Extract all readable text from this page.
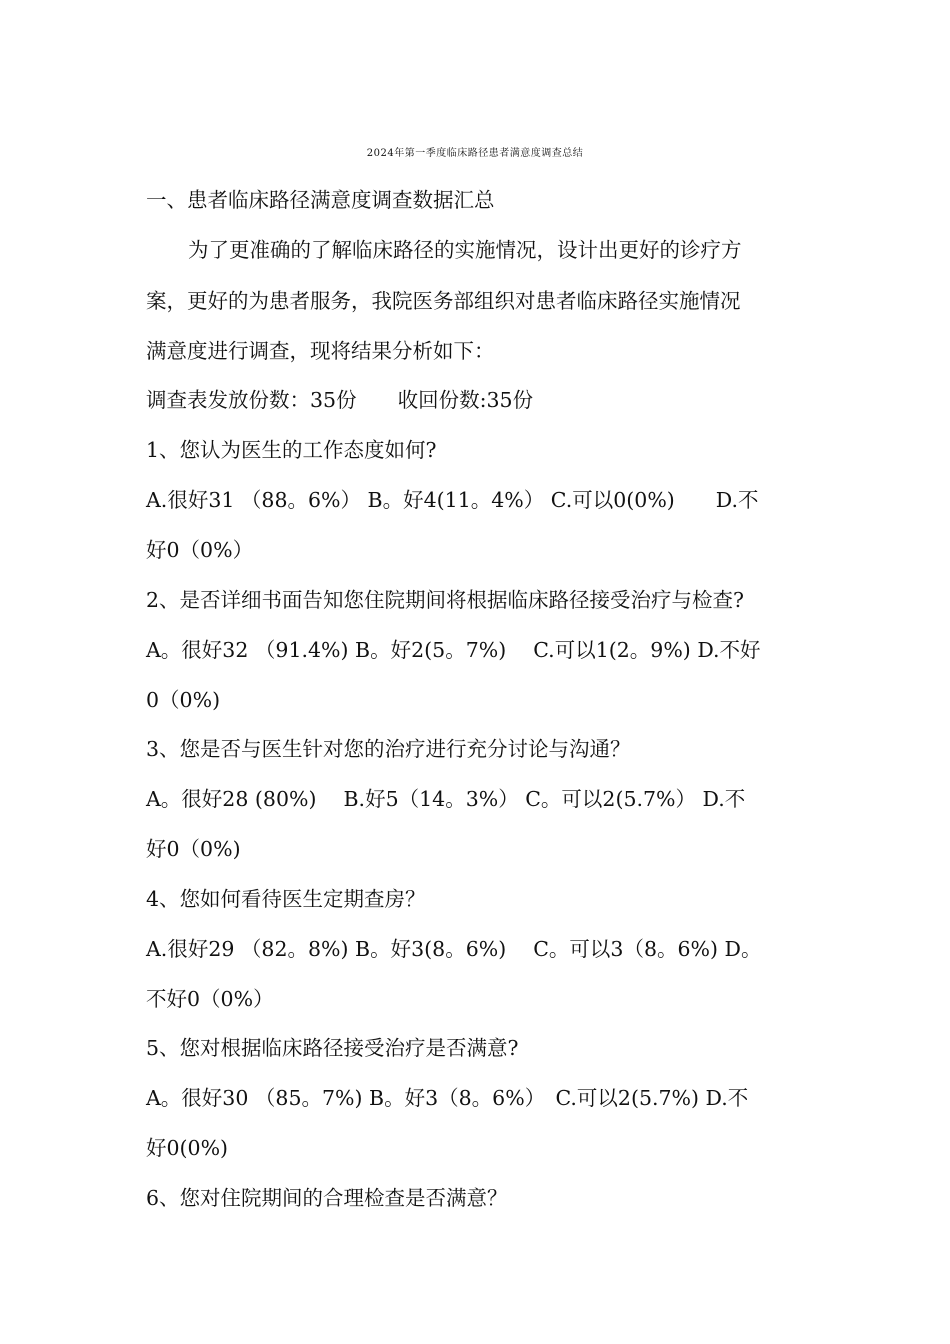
2024年第一季度临床路径患者满意度调查总结
一、患者临床路径满意度调查数据汇总
为了更准确的了解临床路径的实施情况，设计出更好的诊疗方
案，更好的为患者服务，我院医务部组织对患者临床路径实施情况
满意度进行调查，现将结果分析如下：
调查表发放份数：35份　　收回份数:35份
1、您认为医生的工作态度如何?
A.很好31 （88。6%） B。好4(11。4%） C.可以0(0%)　　D.不
好0（0%）
2、是否详细书面告知您住院期间将根据临床路径接受治疗与检查?
A。很好32 （91.4%) B。好2(5。7%)　 C.可以1(2。9%) D.不好
0（0%)
3、您是否与医生针对您的治疗进行充分讨论与沟通？
A。很好28 (80%)　 B.好5（14。3%） C。可以2(5.7%） D.不
好0（0%)
4、您如何看待医生定期查房？
A.很好29 （82。8%) B。好3(8。6%)　 C。可以3（8。6%) D。
不好0（0%）
5、您对根据临床路径接受治疗是否满意?
A。很好30 （85。7%) B。好3（8。6%）　C.可以2(5.7%) D.不
好0(0%)
6、您对住院期间的合理检查是否满意？
